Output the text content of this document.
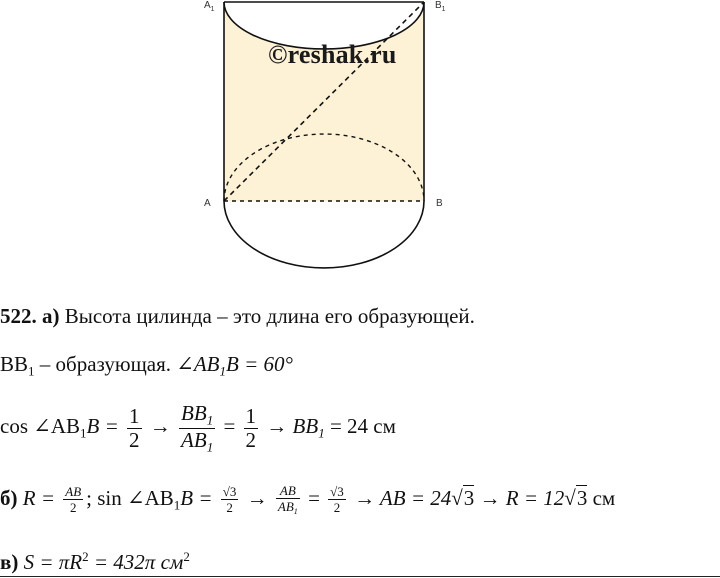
$A_1$	$B_1$
A	B
©reshak.ru
522. а) Высота цилинда – это длина его образующей.
$BB_1$ – образующая. $\angle AB_1B = 60^\circ$
$\cos \angle AB_1B = \frac{1}{2} \to \frac{BB_1}{AB_1} = \frac{1}{2} \to BB_1 = 24$ см
б) $R = \frac{AB}{2}$ ; $\sin \angle AB_1B = \frac{√3}{2} \to \frac{AB}{AB_1} = \frac{√3}{2}$ → AB = 24√3 → R = 12√3 см
в) $S = \pi R^2 = 432\pi$ $см^2$
